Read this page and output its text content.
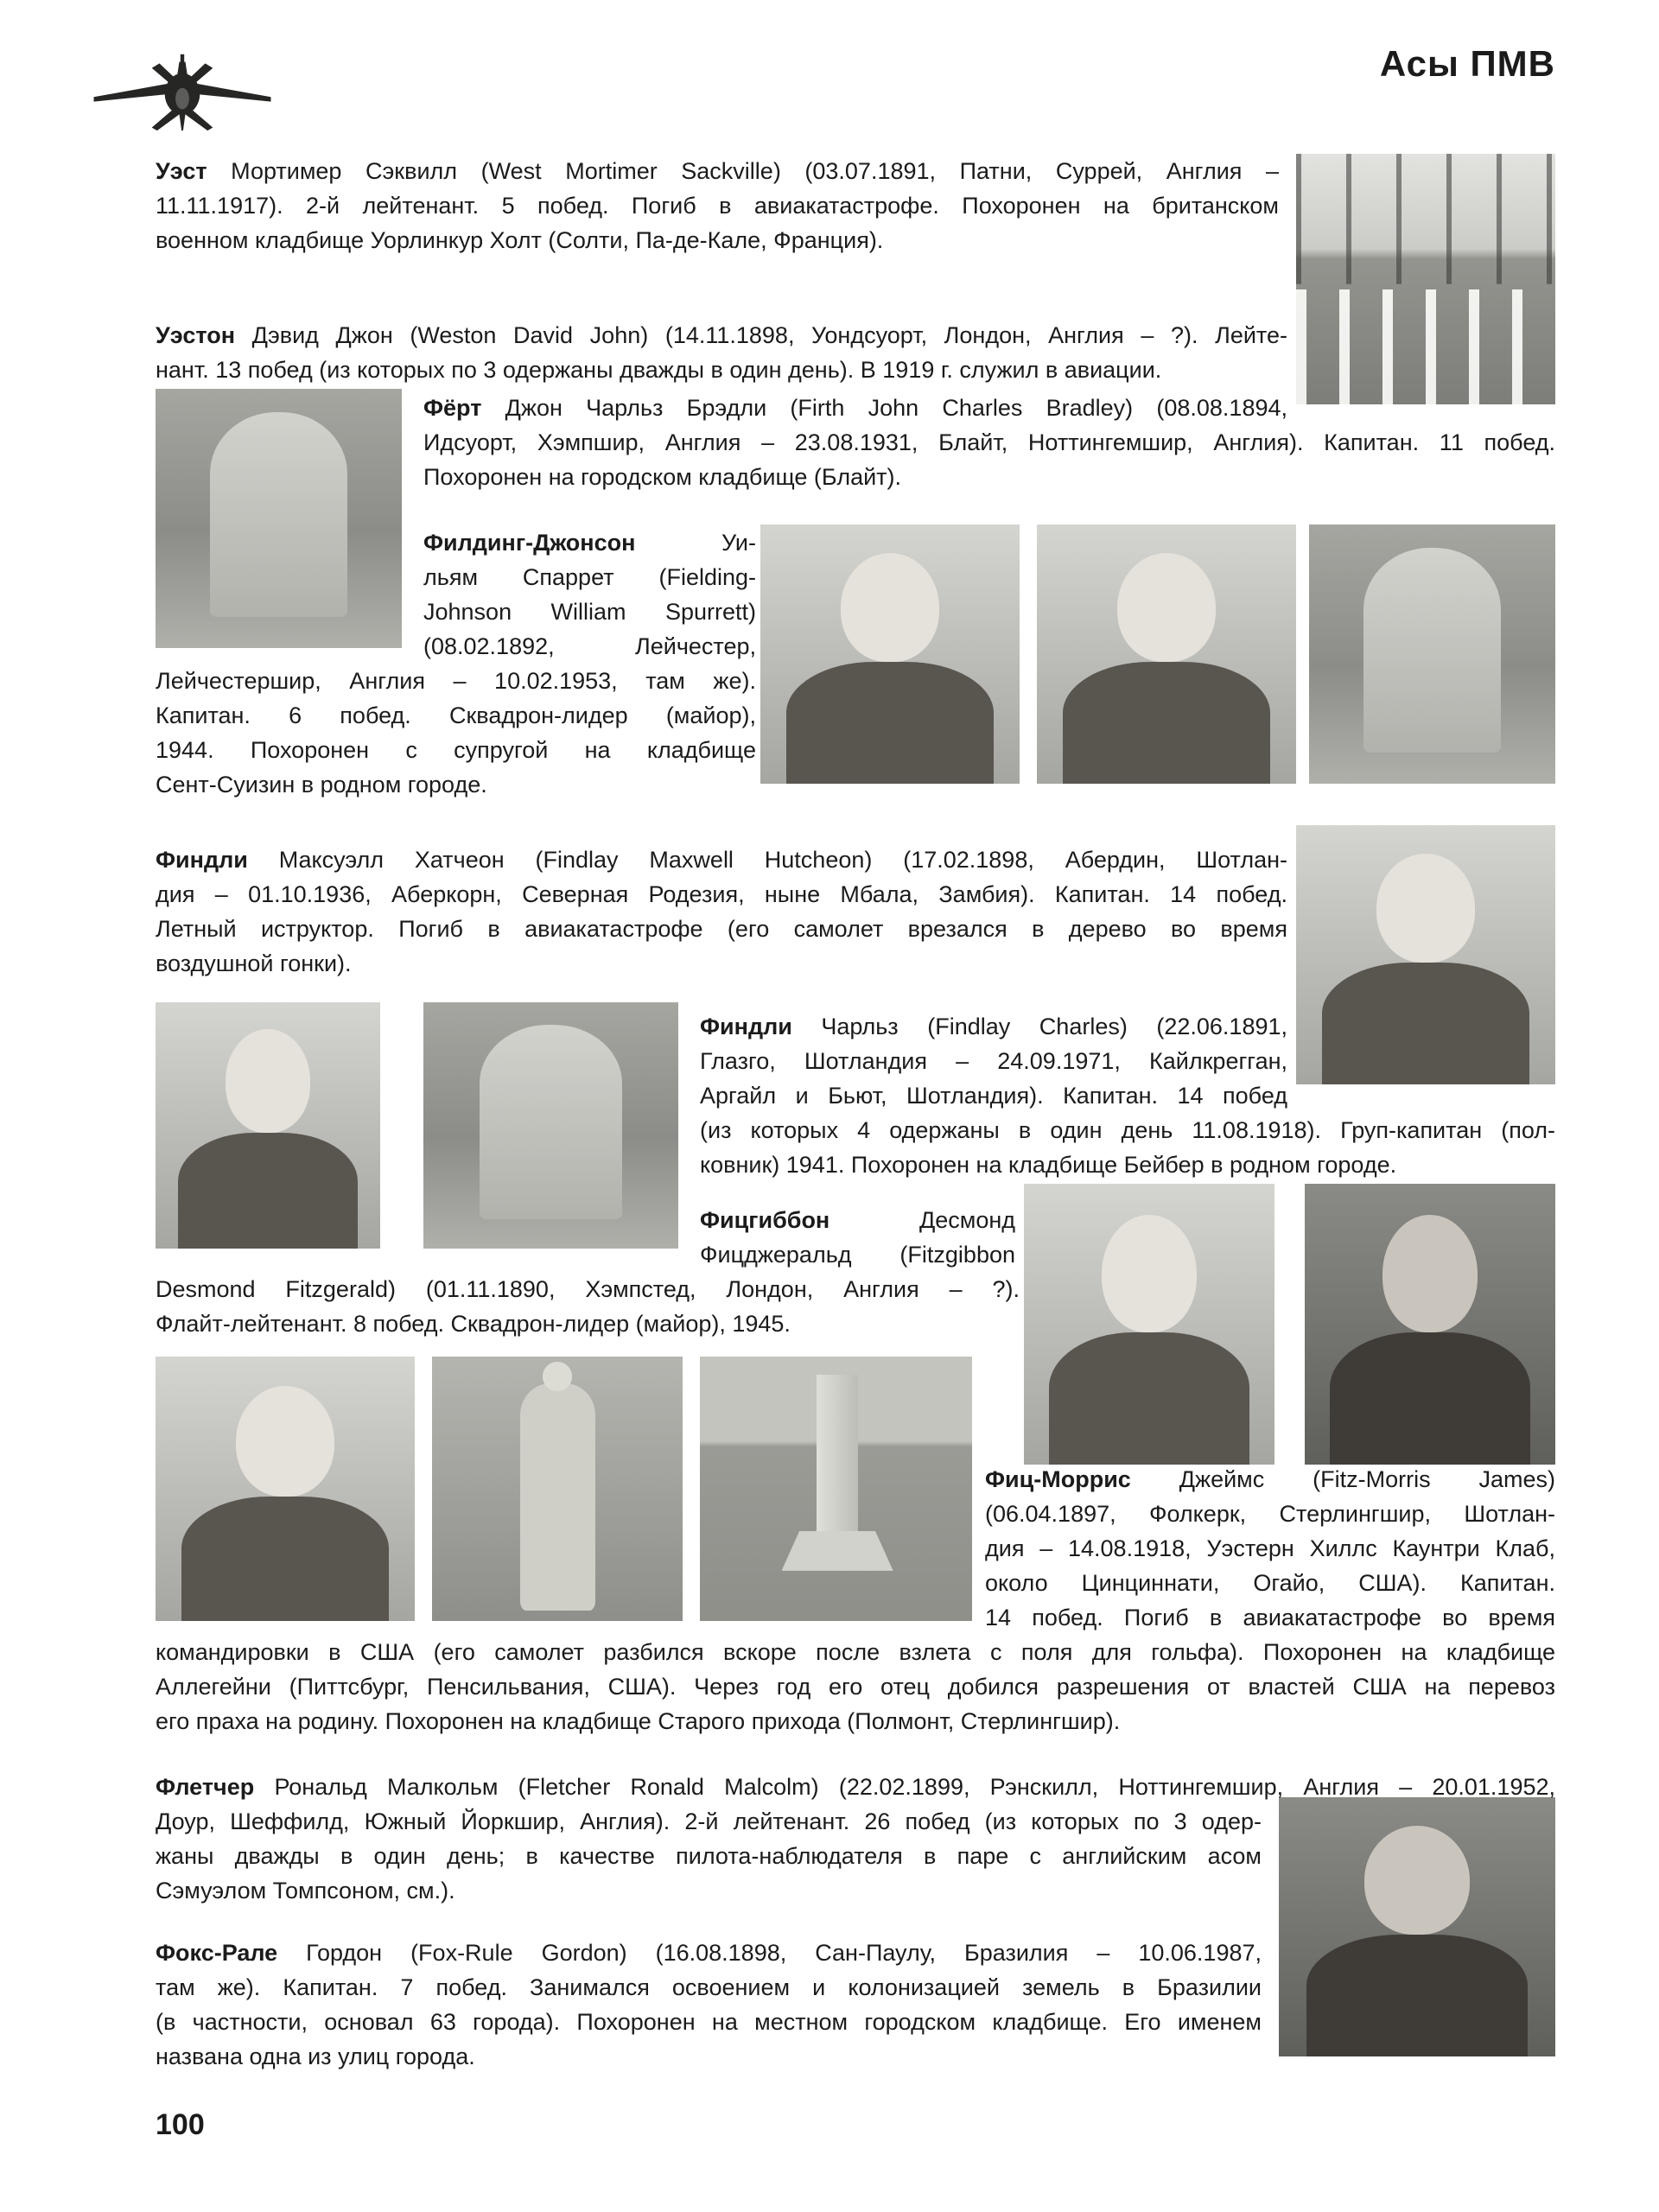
Асы ПМВ
Уэст Мортимер Сэквилл (West Mortimer Sackville) (03.07.1891, Патни, Суррей, Англия –
11.11.1917). 2-й лейтенант. 5 побед. Погиб в авиакатастрофе. Похоронен на британском
военном кладбище Уорлинкур Холт (Солти, Па-де-Кале, Франция).
Уэстон Дэвид Джон (Weston David John) (14.11.1898, Уондсуорт, Лондон, Англия – ?). Лейте-
нант. 13 побед (из которых по 3 одержаны дважды в один день). В 1919 г. служил в авиации.
Фёрт Джон Чарльз Брэдли (Firth John Charles Bradley) (08.08.1894,
Идсуорт, Хэмпшир, Англия – 23.08.1931, Блайт, Ноттингемшир, Англия). Капитан. 11 побед.
Похоронен на городском кладбище (Блайт).
Филдинг-Джонсон Уи-
льям Спаррет (Fielding-
Johnson William Spurrett)
(08.02.1892, Лейчестер,
Лейчестершир, Англия – 10.02.1953, там же).
Капитан. 6 побед. Сквадрон-лидер (майор),
1944. Похоронен с супругой на кладбище
Сент-Суизин в родном городе.
Финдли Максуэлл Хатчеон (Findlay Maxwell Hutcheon) (17.02.1898, Абердин, Шотлан-
дия – 01.10.1936, Аберкорн, Северная Родезия, ныне Мбала, Замбия). Капитан. 14 побед.
Летный иструктор. Погиб в авиакатастрофе (его самолет врезался в дерево во время
воздушной гонки).
Финдли Чарльз (Findlay Charles) (22.06.1891,
Глазго, Шотландия – 24.09.1971, Кайлкрегган,
Аргайл и Бьют, Шотландия). Капитан. 14 побед
(из которых 4 одержаны в один день 11.08.1918). Груп-капитан (пол-
ковник) 1941. Похоронен на кладбище Бейбер в родном городе.
Фицгиббон Десмонд
Фицджеральд (Fitzgibbon
Desmond Fitzgerald) (01.11.1890, Хэмпстед, Лондон, Англия – ?).
Флайт-лейтенант. 8 побед. Сквадрон-лидер (майор), 1945.
Фиц-Моррис Джеймс (Fitz-Morris James)
(06.04.1897, Фолкерк, Стерлингшир, Шотлан-
дия – 14.08.1918, Уэстерн Хиллс Каунтри Клаб,
около Цинциннати, Огайо, США). Капитан.
14 побед. Погиб в авиакатастрофе во время
командировки в США (его самолет разбился вскоре после взлета с поля для гольфа). Похоронен на кладбище
Аллегейни (Питтсбург, Пенсильвания, США). Через год его отец добился разрешения от властей США на перевоз
его праха на родину. Похоронен на кладбище Старого прихода (Полмонт, Стерлингшир).
Флетчер Рональд Малкольм (Fletcher Ronald Malcolm) (22.02.1899, Рэнскилл, Ноттингемшир, Англия – 20.01.1952,
Доур, Шеффилд, Южный Йоркшир, Англия). 2-й лейтенант. 26 побед (из которых по 3 одер-
жаны дважды в один день; в качестве пилота-наблюдателя в паре с английским асом
Сэмуэлом Томпсоном, см.).
Фокс-Рале Гордон (Fox-Rule Gordon) (16.08.1898, Сан-Паулу, Бразилия – 10.06.1987,
там же). Капитан. 7 побед. Занимался освоением и колонизацией земель в Бразилии
(в частности, основал 63 города). Похоронен на местном городском кладбище. Его именем
названа одна из улиц города.
100
